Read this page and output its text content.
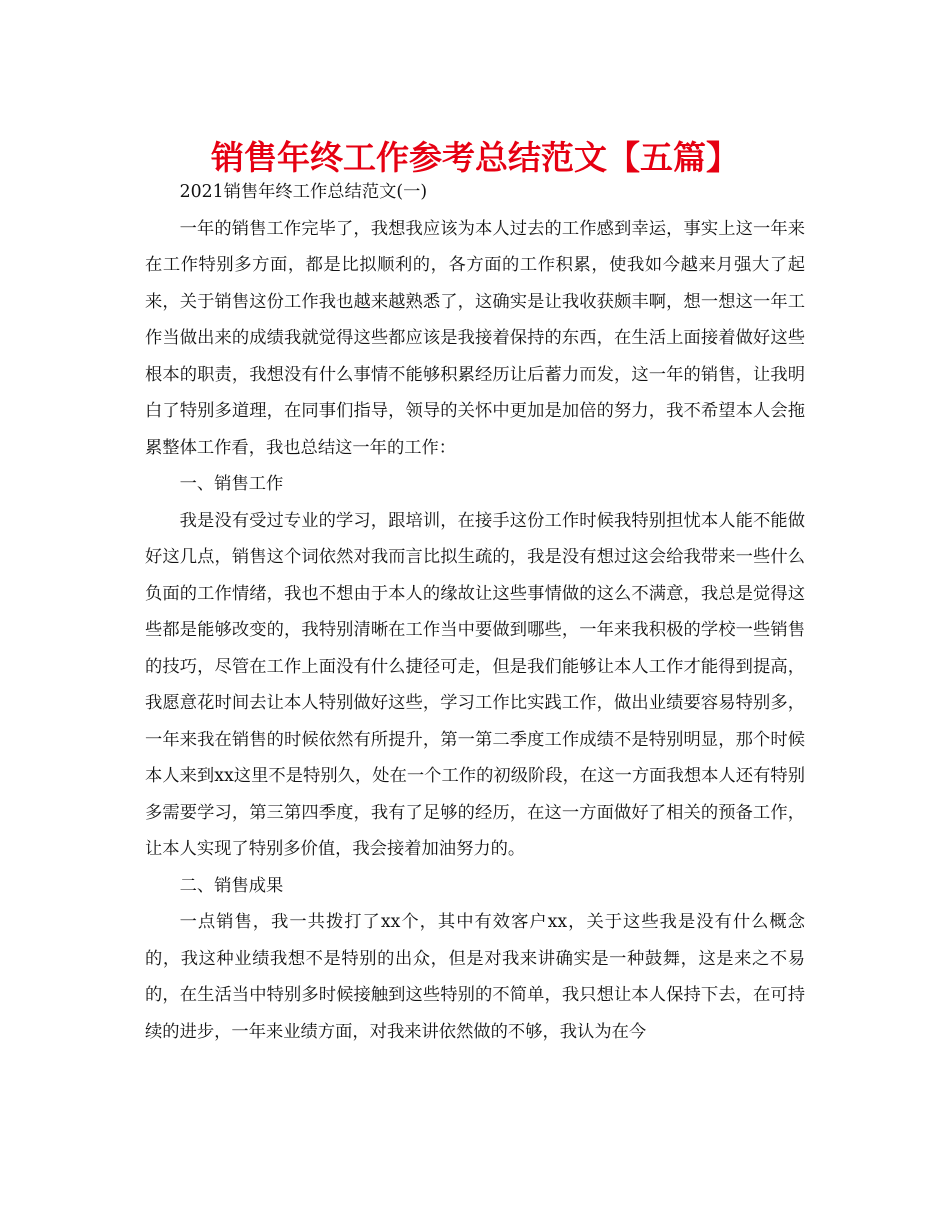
销售年终工作参考总结范文【五篇】

2021销售年终工作总结范文(一)

一年的销售工作完毕了，我想我应该为本人过去的工作感到幸运，事实上这一年来在工作特别多方面，都是比拟顺利的，各方面的工作积累，使我如今越来月强大了起来，关于销售这份工作我也越来越熟悉了，这确实是让我收获颇丰啊，想一想这一年工作当做出来的成绩我就觉得这些都应该是我接着保持的东西，在生活上面接着做好这些根本的职责，我想没有什么事情不能够积累经历让后蓄力而发，这一年的销售，让我明白了特别多道理，在同事们指导，领导的关怀中更加是加倍的努力，我不希望本人会拖累整体工作看，我也总结这一年的工作：

一、销售工作

我是没有受过专业的学习，跟培训，在接手这份工作时候我特别担忧本人能不能做好这几点，销售这个词依然对我而言比拟生疏的，我是没有想过这会给我带来一些什么负面的工作情绪，我也不想由于本人的缘故让这些事情做的这么不满意，我总是觉得这些都是能够改变的，我特别清晰在工作当中要做到哪些，一年来我积极的学校一些销售的技巧，尽管在工作上面没有什么捷径可走，但是我们能够让本人工作才能得到提高，我愿意花时间去让本人特别做好这些，学习工作比实践工作，做出业绩要容易特别多，一年来我在销售的时候依然有所提升，第一第二季度工作成绩不是特别明显，那个时候本人来到xx这里不是特别久，处在一个工作的初级阶段，在这一方面我想本人还有特别多需要学习，第三第四季度，我有了足够的经历，在这一方面做好了相关的预备工作，让本人实现了特别多价值，我会接着加油努力的。

二、销售成果

一点销售，我一共拨打了xx个，其中有效客户xx，关于这些我是没有什么概念的，我这种业绩我想不是特别的出众，但是对我来讲确实是一种鼓舞，这是来之不易的，在生活当中特别多时候接触到这些特别的不简单，我只想让本人保持下去，在可持续的进步，一年来业绩方面，对我来讲依然做的不够，我认为在今
